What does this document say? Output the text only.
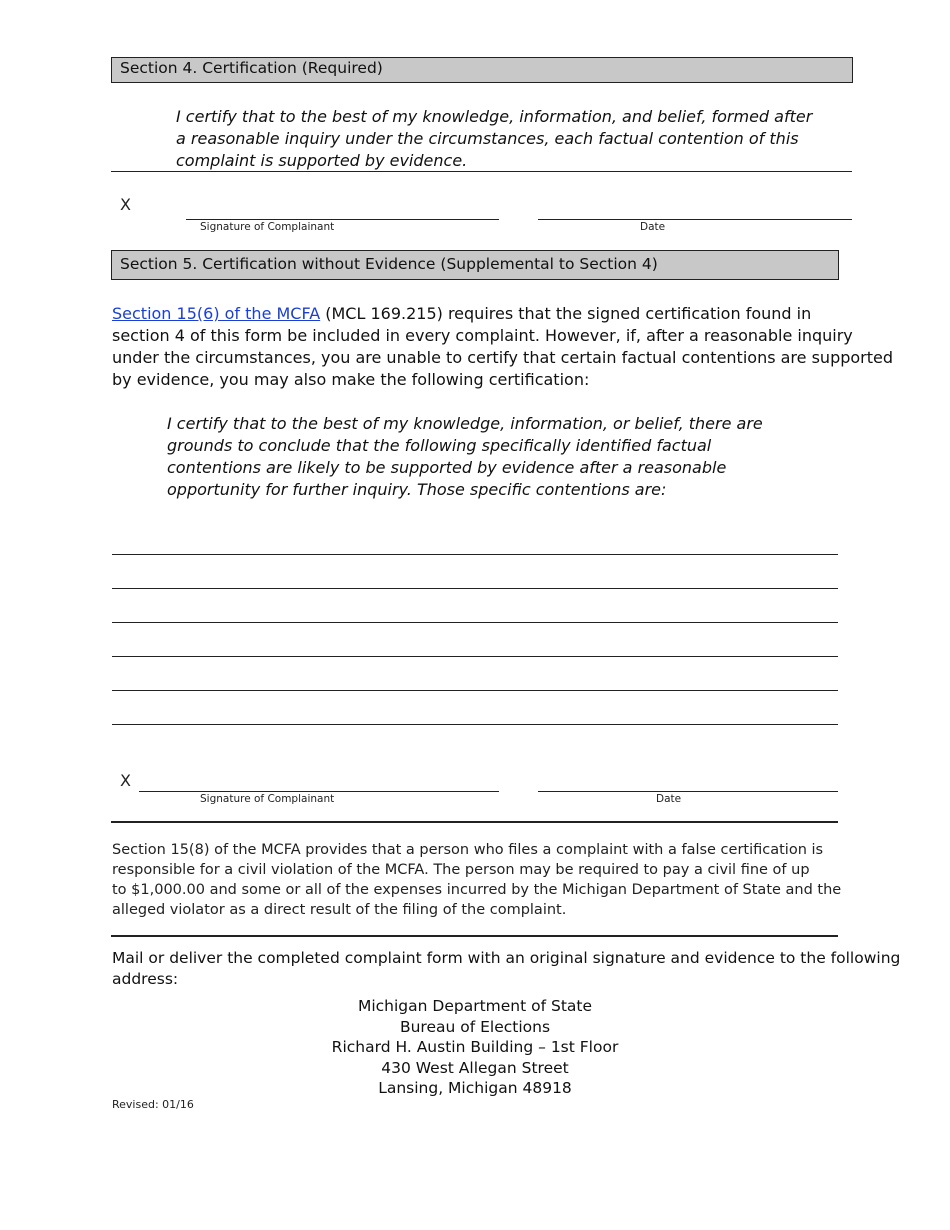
Section 4. Certification (Required)
I certify that to the best of my knowledge, information, and belief, formed after
a reasonable inquiry under the circumstances, each factual contention of this
complaint is supported by evidence.
X
Signature of Complainant	Date
Section 5. Certification without Evidence (Supplemental to Section 4)
Section 15(6) of the MCFA (MCL 169.215) requires that the signed certification found in
section 4 of this form be included in every complaint. However, if, after a reasonable inquiry
under the circumstances, you are unable to certify that certain factual contentions are supported
by evidence, you may also make the following certification:
I certify that to the best of my knowledge, information, or belief, there are
grounds to conclude that the following specifically identified factual
contentions are likely to be supported by evidence after a reasonable
opportunity for further inquiry. Those specific contentions are:
X
Signature of Complainant	Date
Section 15(8) of the MCFA provides that a person who files a complaint with a false certification is
responsible for a civil violation of the MCFA. The person may be required to pay a civil fine of up
to $1,000.00 and some or all of the expenses incurred by the Michigan Department of State and the
alleged violator as a direct result of the filing of the complaint.
Mail or deliver the completed complaint form with an original signature and evidence to the following
address:
Michigan Department of State
Bureau of Elections
Richard H. Austin Building – 1st Floor
430 West Allegan Street
Lansing, Michigan 48918
Revised: 01/16
